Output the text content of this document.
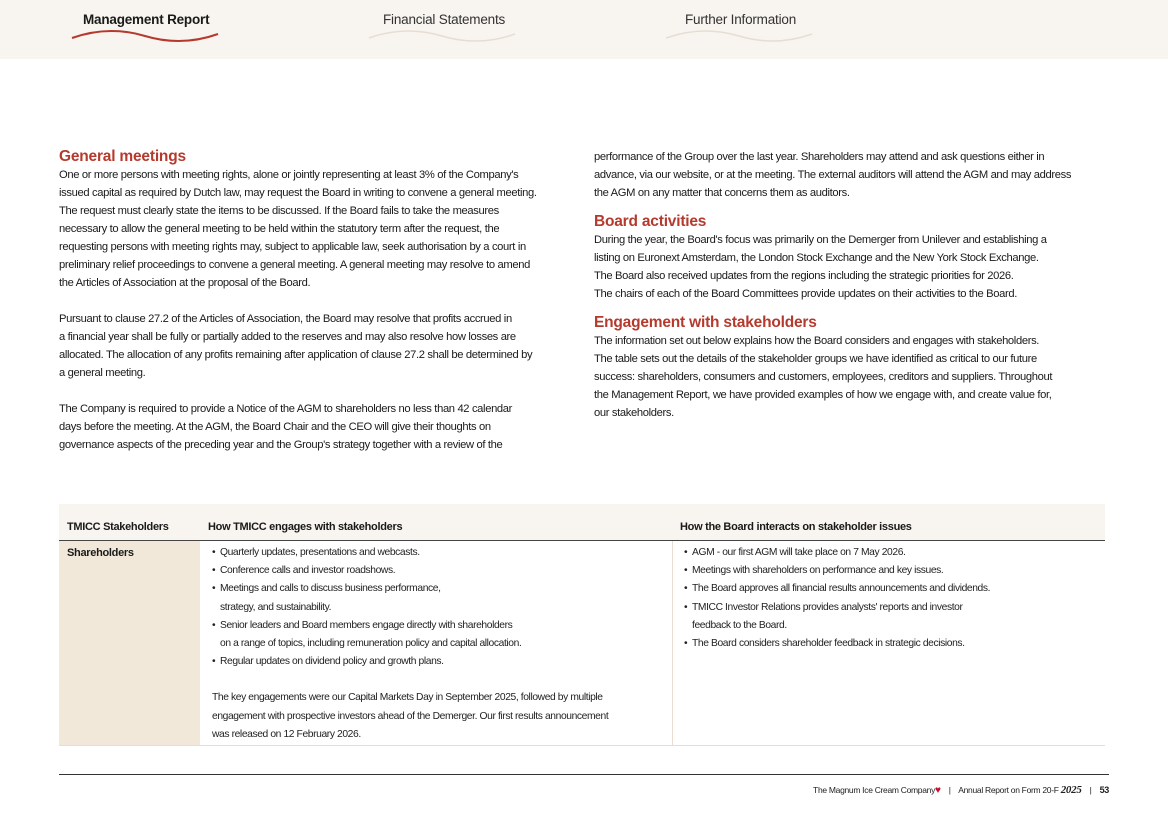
Management Report	Financial Statements	Further Information

General meetings

One or more persons with meeting rights, alone or jointly representing at least 3% of the Company's

issued capital as required by Dutch law, may request the Board in writing to convene a general meeting.

The request must clearly state the items to be discussed. If the Board fails to take the measures

necessary to allow the general meeting to be held within the statutory term after the request, the

requesting persons with meeting rights may, subject to applicable law, seek authorisation by a court in

preliminary relief proceedings to convene a general meeting. A general meeting may resolve to amend

the Articles of Association at the proposal of the Board.

Pursuant to clause 27.2 of the Articles of Association, the Board may resolve that profits accrued in

a financial year shall be fully or partially added to the reserves and may also resolve how losses are

allocated. The allocation of any profits remaining after application of clause 27.2 shall be determined by

a general meeting.

The Company is required to provide a Notice of the AGM to shareholders no less than 42 calendar

days before the meeting. At the AGM, the Board Chair and the CEO will give their thoughts on

governance aspects of the preceding year and the Group's strategy together with a review of the

performance of the Group over the last year. Shareholders may attend and ask questions either in

advance, via our website, or at the meeting. The external auditors will attend the AGM and may address

the AGM on any matter that concerns them as auditors.

Board activities

During the year, the Board's focus was primarily on the Demerger from Unilever and establishing a

listing on Euronext Amsterdam, the London Stock Exchange and the New York Stock Exchange.

The Board also received updates from the regions including the strategic priorities for 2026.

The chairs of each of the Board Committees provide updates on their activities to the Board.

Engagement with stakeholders

The information set out below explains how the Board considers and engages with stakeholders.

The table sets out the details of the stakeholder groups we have identified as critical to our future

success: shareholders, consumers and customers, employees, creditors and suppliers. Throughout

the Management Report, we have provided examples of how we engage with, and create value for,

our stakeholders.

TMICC Stakeholders	How TMICC engages with stakeholders	How the Board interacts on stakeholder issues
Shareholders
•	Quarterly updates, presentations and webcasts.
• Conference calls and investor roadshows.
• Meetings and calls to discuss business performance,
strategy, and sustainability.
• Senior leaders and Board members engage directly with shareholders
on a range of topics, including remuneration policy and capital allocation.
• Regular updates on dividend policy and growth plans.

The key engagements were our Capital Markets Day in September 2025, followed by multiple

engagement with prospective investors ahead of the Demerger. Our first results announcement

was released on 12 February 2026.

• AGM - our first AGM will take place on 7 May 2026.
• Meetings with shareholders on performance and key issues.
• The Board approves all financial results announcements and dividends.
• TMICC Investor Relations provides analysts' reports and investor
feedback to the Board.
• The Board considers shareholder feedback in strategic decisions.
The Magnum Ice Cream Company♥ | Annual Report on Form 20-F 2025 | 53
